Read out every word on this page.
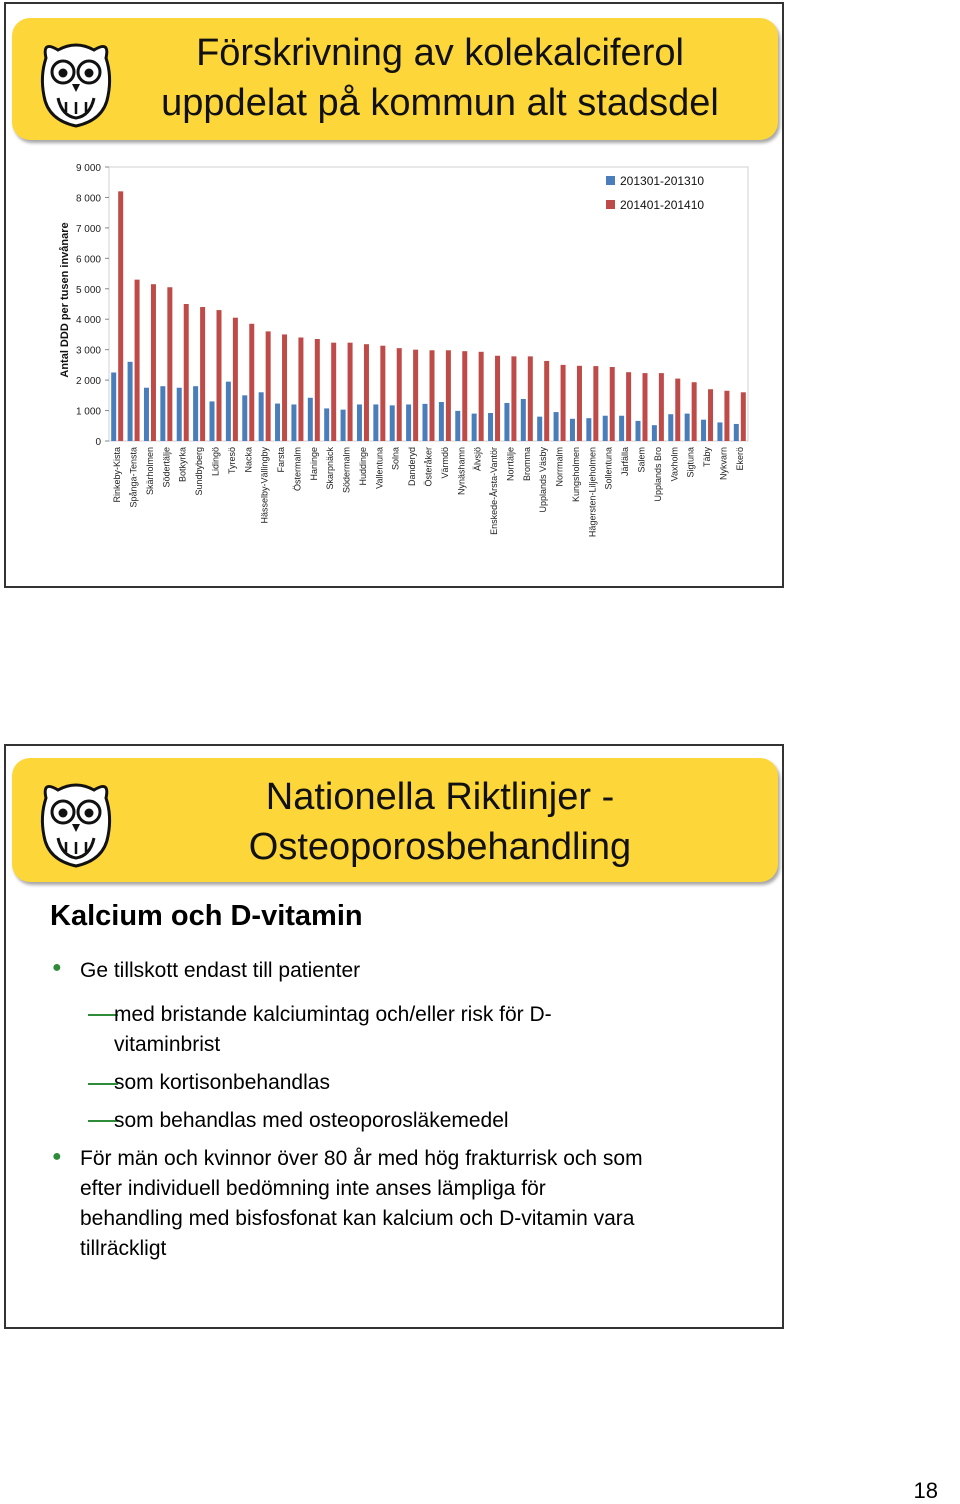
Förskrivning av kolekalciferol
uppdelat på kommun alt stadsdel
0
1 000
2 000
3 000
4 000
5 000
6 000
7 000
8 000
9 000
Antal DDD per tusen invånare
Rinkeby-Kista Spånga-Tensta Skärholmen Södertälje Botkyrka Sundbyberg Lidingö Tyresö Nacka Hässelby-Vällingby Farsta Östermalm Haninge Skarpnäck Södermalm Huddinge Vallentuna Solna Danderyd Österåker Värmdö Nynäshamn Älvsjö Enskede-Årsta-Vantör Norrtälje Bromma Upplands Väsby Norrmalm Kungsholmen Hägersten-Liljeholmen Sollentuna Järfälla Salem Upplands Bro Vaxholm Sigtuna Täby Nykvarn Ekerö
201301-201310
201401-201410
Nationella Riktlinjer -
Osteoporosbehandling
Kalcium och D-vitamin
● Ge tillskott endast till patienter
med bristande kalciumintag och/eller risk för D-
vitaminbrist
som kortisonbehandlas
som behandlas med osteoporosläkemedel
● För män och kvinnor över 80 år med hög frakturrisk och som
efter individuell bedömning inte anses lämpliga för
behandling med bisfosfonat kan kalcium och D-vitamin vara
tillräckligt
18
